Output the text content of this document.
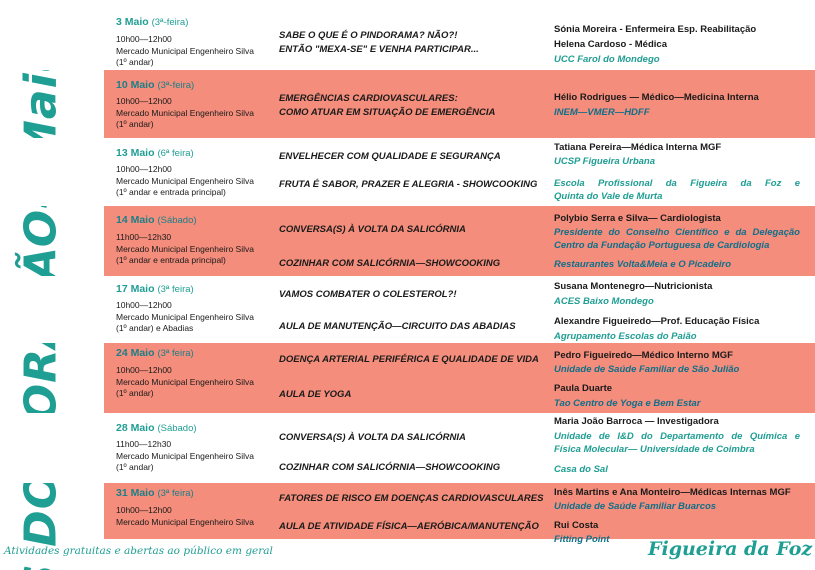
3 Maio (3ª-feira)
10h00—12h00
Mercado Municipal Engenheiro Silva
(1º andar)
SABE O QUE É O PINDORAMA? NÃO?!
ENTÃO "MEXA-SE" E VENHA PARTICIPAR...
Sónia Moreira - Enfermeira Esp. Reabilitação
Helena Cardoso - Médica
UCC Farol do Mondego
10 Maio (3ª-feira)
10h00—12h00
Mercado Municipal Engenheiro Silva
(1º andar)
EMERGÊNCIAS CARDIOVASCULARES:
COMO ATUAR EM SITUAÇÃO DE EMERGÊNCIA
Hélio Rodrigues — Médico—Medicina Interna
INEM—VMER—HDFF
13 Maio (6ª feira)
10h00—12h00
Mercado Municipal Engenheiro Silva
(1º andar e entrada principal)
ENVELHECER COM QUALIDADE E SEGURANÇA
FRUTA É SABOR, PRAZER E ALEGRIA - SHOWCOOKING
Tatiana Pereira—Médica Interna MGF
UCSP Figueira Urbana
Escola Profissional da Figueira da Foz e
Quinta do Vale de Murta
14 Maio (Sábado)
11h00—12h30
Mercado Municipal Engenheiro Silva
(1º andar e entrada principal)
CONVERSA(S) À VOLTA DA SALICÓRNIA
COZINHAR COM SALICÓRNIA—SHOWCOOKING
Polybio Serra e Silva— Cardiologista
Presidente do Conselho Científico e da Delegação
Centro da Fundação Portuguesa de Cardiologia
Restaurantes Volta&Meia e O Picadeiro
17 Maio (3ª feira)
10h00—12h00
Mercado Municipal Engenheiro Silva
(1º andar) e Abadias
VAMOS COMBATER O COLESTEROL?!
AULA DE MANUTENÇÃO—CIRCUITO DAS ABADIAS
Susana Montenegro—Nutricionista
ACES Baixo Mondego
Alexandre Figueiredo—Prof. Educação Física
Agrupamento Escolas do Paião
24 Maio (3ª feira)
10h00—12h00
Mercado Municipal Engenheiro Silva
(1º andar)
DOENÇA ARTERIAL PERIFÉRICA E QUALIDADE DE VIDA
AULA DE YOGA
Pedro Figueiredo—Médico Interno MGF
Unidade de Saúde Familiar de São Julião
Paula Duarte
Tao Centro de Yoga e Bem Estar
28 Maio (Sábado)
11h00—12h30
Mercado Municipal Engenheiro Silva
(1º andar)
CONVERSA(S) À VOLTA DA SALICÓRNIA
COZINHAR COM SALICÓRNIA—SHOWCOOKING
Maria João Barroca — Investigadora
Unidade de I&D do Departamento de Química e
Física Molecular— Universidade de Coimbra
Casa do Sal
31 Maio (3ª feira)
10h00—12h00
Mercado Municipal Engenheiro Silva
FATORES DE RISCO EM DOENÇAS CARDIOVASCULARES
AULA DE ATIVIDADE FÍSICA—AERÓBICA/MANUTENÇÃO
Inês Martins e Ana Monteiro—Médicas Internas MGF
Unidade de Saúde Familiar Buarcos
Rui Costa
Fitting Point
Atividades gratuitas e abertas ao público em geral	Figueira da Foz
